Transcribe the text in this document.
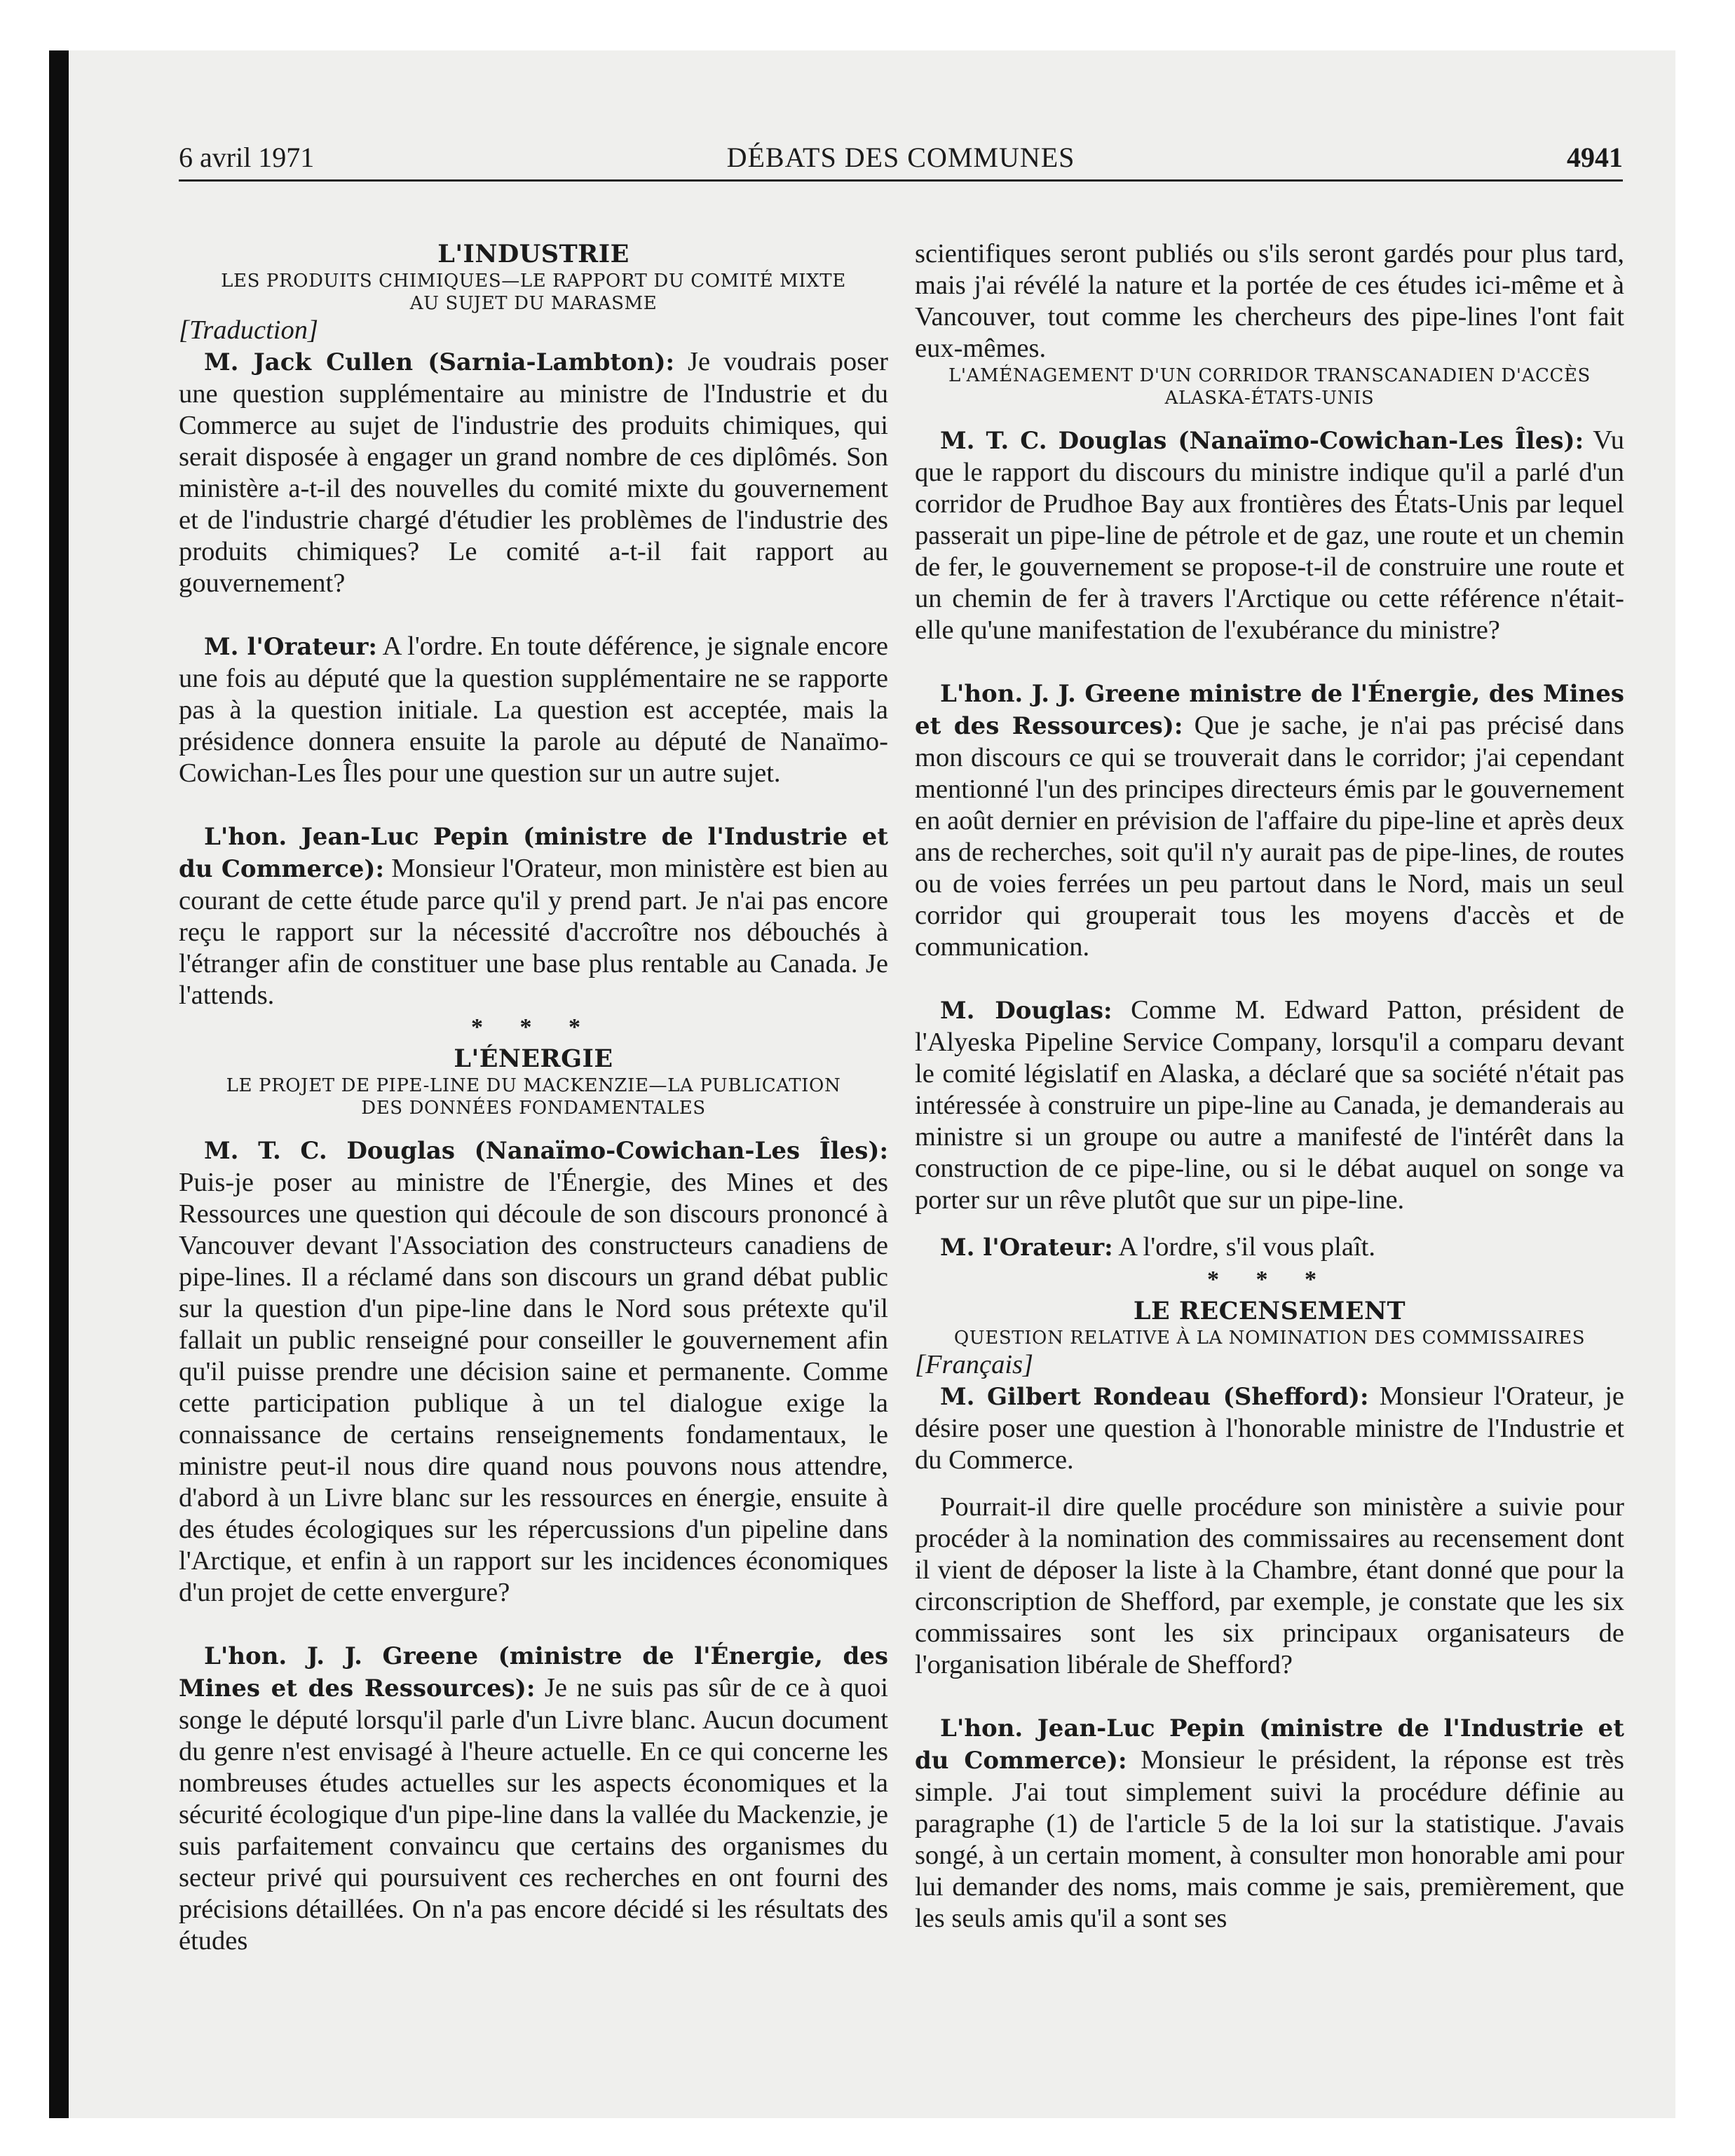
6 avril 1971	DÉBATS DES COMMUNES	4941
L'INDUSTRIE

LES PRODUITS CHIMIQUES—LE RAPPORT DU COMITÉ MIXTE AU SUJET DU MARASME

[Traduction]

M. Jack Cullen (Sarnia-Lambton): Je voudrais poser une question supplémentaire au ministre de l'Industrie et du Commerce au sujet de l'industrie des produits chimiques, qui serait disposée à engager un grand nombre de ces diplômés. Son ministère a-t-il des nouvelles du comité mixte du gouvernement et de l'industrie chargé d'étudier les problèmes de l'industrie des produits chimiques? Le comité a-t-il fait rapport au gouvernement?

M. l'Orateur: A l'ordre. En toute déférence, je signale encore une fois au député que la question supplémentaire ne se rapporte pas à la question initiale. La question est acceptée, mais la présidence donnera ensuite la parole au député de Nanaïmo-Cowichan-Les Îles pour une question sur un autre sujet.

L'hon. Jean-Luc Pepin (ministre de l'Industrie et du Commerce): Monsieur l'Orateur, mon ministère est bien au courant de cette étude parce qu'il y prend part. Je n'ai pas encore reçu le rapport sur la nécessité d'accroître nos débouchés à l'étranger afin de constituer une base plus rentable au Canada. Je l'attends.

* * *

L'ÉNERGIE

LE PROJET DE PIPE-LINE DU MACKENZIE—LA PUBLICATION DES DONNÉES FONDAMENTALES

M. T. C. Douglas (Nanaïmo-Cowichan-Les Îles): Puis-je poser au ministre de l'Énergie, des Mines et des Ressources une question qui découle de son discours prononcé à Vancouver devant l'Association des constructeurs canadiens de pipe-lines. Il a réclamé dans son discours un grand débat public sur la question d'un pipe-line dans le Nord sous prétexte qu'il fallait un public renseigné pour conseiller le gouvernement afin qu'il puisse prendre une décision saine et permanente. Comme cette participation publique à un tel dialogue exige la connaissance de certains renseignements fondamentaux, le ministre peut-il nous dire quand nous pouvons nous attendre, d'abord à un Livre blanc sur les ressources en énergie, ensuite à des études écologiques sur les répercussions d'un pipeline dans l'Arctique, et enfin à un rapport sur les incidences économiques d'un projet de cette envergure?

L'hon. J. J. Greene (ministre de l'Énergie, des Mines et des Ressources): Je ne suis pas sûr de ce à quoi songe le député lorsqu'il parle d'un Livre blanc. Aucun document du genre n'est envisagé à l'heure actuelle. En ce qui concerne les nombreuses études actuelles sur les aspects économiques et la sécurité écologique d'un pipe-line dans la vallée du Mackenzie, je suis parfaitement convaincu que certains des organismes du secteur privé qui poursuivent ces recherches en ont fourni des précisions détaillées. On n'a pas encore décidé si les résultats des études

scientifiques seront publiés ou s'ils seront gardés pour plus tard, mais j'ai révélé la nature et la portée de ces études ici-même et à Vancouver, tout comme les chercheurs des pipe-lines l'ont fait eux-mêmes.

L'AMÉNAGEMENT D'UN CORRIDOR TRANSCANADIEN D'ACCÈS ALASKA-ÉTATS-UNIS

M. T. C. Douglas (Nanaïmo-Cowichan-Les Îles): Vu que le rapport du discours du ministre indique qu'il a parlé d'un corridor de Prudhoe Bay aux frontières des États-Unis par lequel passerait un pipe-line de pétrole et de gaz, une route et un chemin de fer, le gouvernement se propose-t-il de construire une route et un chemin de fer à travers l'Arctique ou cette référence n'était-elle qu'une manifestation de l'exubérance du ministre?

L'hon. J. J. Greene ministre de l'Énergie, des Mines et des Ressources): Que je sache, je n'ai pas précisé dans mon discours ce qui se trouverait dans le corridor; j'ai cependant mentionné l'un des principes directeurs émis par le gouvernement en août dernier en prévision de l'affaire du pipe-line et après deux ans de recherches, soit qu'il n'y aurait pas de pipe-lines, de routes ou de voies ferrées un peu partout dans le Nord, mais un seul corridor qui grouperait tous les moyens d'accès et de communication.

M. Douglas: Comme M. Edward Patton, président de l'Alyeska Pipeline Service Company, lorsqu'il a comparu devant le comité législatif en Alaska, a déclaré que sa société n'était pas intéressée à construire un pipe-line au Canada, je demanderais au ministre si un groupe ou autre a manifesté de l'intérêt dans la construction de ce pipe-line, ou si le débat auquel on songe va porter sur un rêve plutôt que sur un pipe-line.

M. l'Orateur: A l'ordre, s'il vous plaît.

* * *

LE RECENSEMENT

QUESTION RELATIVE À LA NOMINATION DES COMMISSAIRES

[Français]

M. Gilbert Rondeau (Shefford): Monsieur l'Orateur, je désire poser une question à l'honorable ministre de l'Industrie et du Commerce.

Pourrait-il dire quelle procédure son ministère a suivie pour procéder à la nomination des commissaires au recensement dont il vient de déposer la liste à la Chambre, étant donné que pour la circonscription de Shefford, par exemple, je constate que les six commissaires sont les six principaux organisateurs de l'organisation libérale de Shefford?

L'hon. Jean-Luc Pepin (ministre de l'Industrie et du Commerce): Monsieur le président, la réponse est très simple. J'ai tout simplement suivi la procédure définie au paragraphe (1) de l'article 5 de la loi sur la statistique. J'avais songé, à un certain moment, à consulter mon honorable ami pour lui demander des noms, mais comme je sais, premièrement, que les seuls amis qu'il a sont ses
